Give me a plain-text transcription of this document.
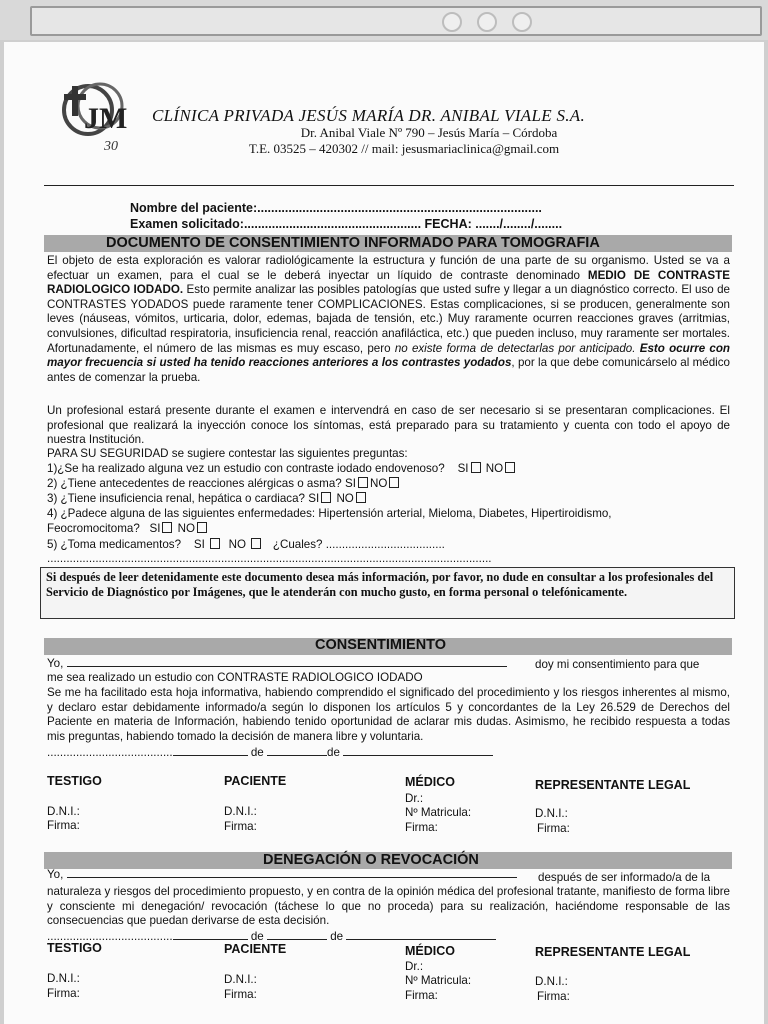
JM
30
CLÍNICA PRIVADA JESÚS MARÍA DR. ANIBAL VIALE S.A.
Dr. Anibal Viale Nº 790 – Jesús María – Córdoba
T.E. 03525 – 420302 // mail: jesusmariaclinica@gmail.com
Nombre del paciente:..................................................................................
Examen solicitado:................................................... FECHA: ......./......../........
DOCUMENTO DE CONSENTIMIENTO INFORMADO PARA TOMOGRAFIA
El objeto de esta exploración es valorar radiológicamente la estructura y función de una parte de su organismo. Usted se va a efectuar un examen, para el cual se le deberá inyectar un líquido de contraste denominado MEDIO DE CONTRASTE RADIOLOGICO IODADO. Esto permite analizar las posibles patologías que usted sufre y llegar a un diagnóstico correcto. El uso de CONTRASTES YODADOS puede raramente tener COMPLICACIONES. Estas complicaciones, si se producen, generalmente son leves (náuseas, vómitos, urticaria, dolor, edemas, bajada de tensión, etc.) Muy raramente ocurren reacciones graves (arritmias, convulsiones, dificultad respiratoria, insuficiencia renal, reacción anafiláctica, etc.) que pueden incluso, muy raramente ser mortales. Afortunadamente, el número de las mismas es muy escaso, pero no existe forma de detectarlas por anticipado. Esto ocurre con mayor frecuencia si usted ha tenido reacciones anteriores a los contrastes yodados, por la que debe comunicárselo al médico antes de comenzar la prueba.
Un profesional estará presente durante el examen e intervendrá en caso de ser necesario si se presentaran complicaciones. El profesional que realizará la inyección conoce los síntomas, está preparado para su tratamiento y cuenta con todo el apoyo de nuestra Institución.
PARA SU SEGURIDAD se sugiere contestar las siguientes preguntas:
1)¿Se ha realizado alguna vez un estudio con contraste iodado endovenoso? SI NO
2) ¿Tiene antecedentes de reacciones alérgicas o asma? SI NO
3) ¿Tiene insuficiencia renal, hepática o cardiaca? SI NO
4) ¿Padece alguna de las siguientes enfermedades: Hipertensión arterial, Mieloma, Diabetes, Hipertiroidismo,
Feocromocitoma? SI NO
5) ¿Toma medicamentos? SI NO ¿Cuales? .....................................
..........................................................................................................................................
Si después de leer detenidamente este documento desea más información, por favor, no dude en consultar a los profesionales del Servicio de Diagnóstico por Imágenes, que le atenderán con mucho gusto, en forma personal o telefónicamente.
CONSENTIMIENTO
Yo,	doy mi consentimiento para que
me sea realizado un estudio con CONTRASTE RADIOLOGICO IODADO
Se me ha facilitado esta hoja informativa, habiendo comprendido el significado del procedimiento y los riesgos inherentes al mismo, y declaro estar debidamente informado/a según lo disponen los artículos 5 y concordantes de la Ley 26.529 de Derechos del Paciente en materia de Información, habiendo tenido oportunidad de aclarar mis dudas. Asimismo, he recibido respuesta a todas mis preguntas, habiendo tomado la decisión de manera libre y voluntaria.
.......................................	de	de
TESTIGO	PACIENTE	MÉDICO	REPRESENTANTE LEGAL
Dr.:
D.N.I.:	D.N.I.:	Nº Matricula:	D.N.I.:
Firma:	Firma:	Firma:	Firma:
DENEGACIÓN O REVOCACIÓN
Yo,	después de ser informado/a de la
naturaleza y riesgos del procedimiento propuesto, y en contra de la opinión médica del profesional tratante, manifiesto de forma libre y consciente mi denegación/ revocación (táchese lo que no proceda) para su realización, haciéndome responsable de las consecuencias que puedan derivarse de esta decisión.
.......................................	de	de
TESTIGO	PACIENTE	MÉDICO	REPRESENTANTE LEGAL
Dr.:
D.N.I.:	D.N.I.:	Nº Matricula:	D.N.I.:
Firma:	Firma:	Firma:	Firma:
